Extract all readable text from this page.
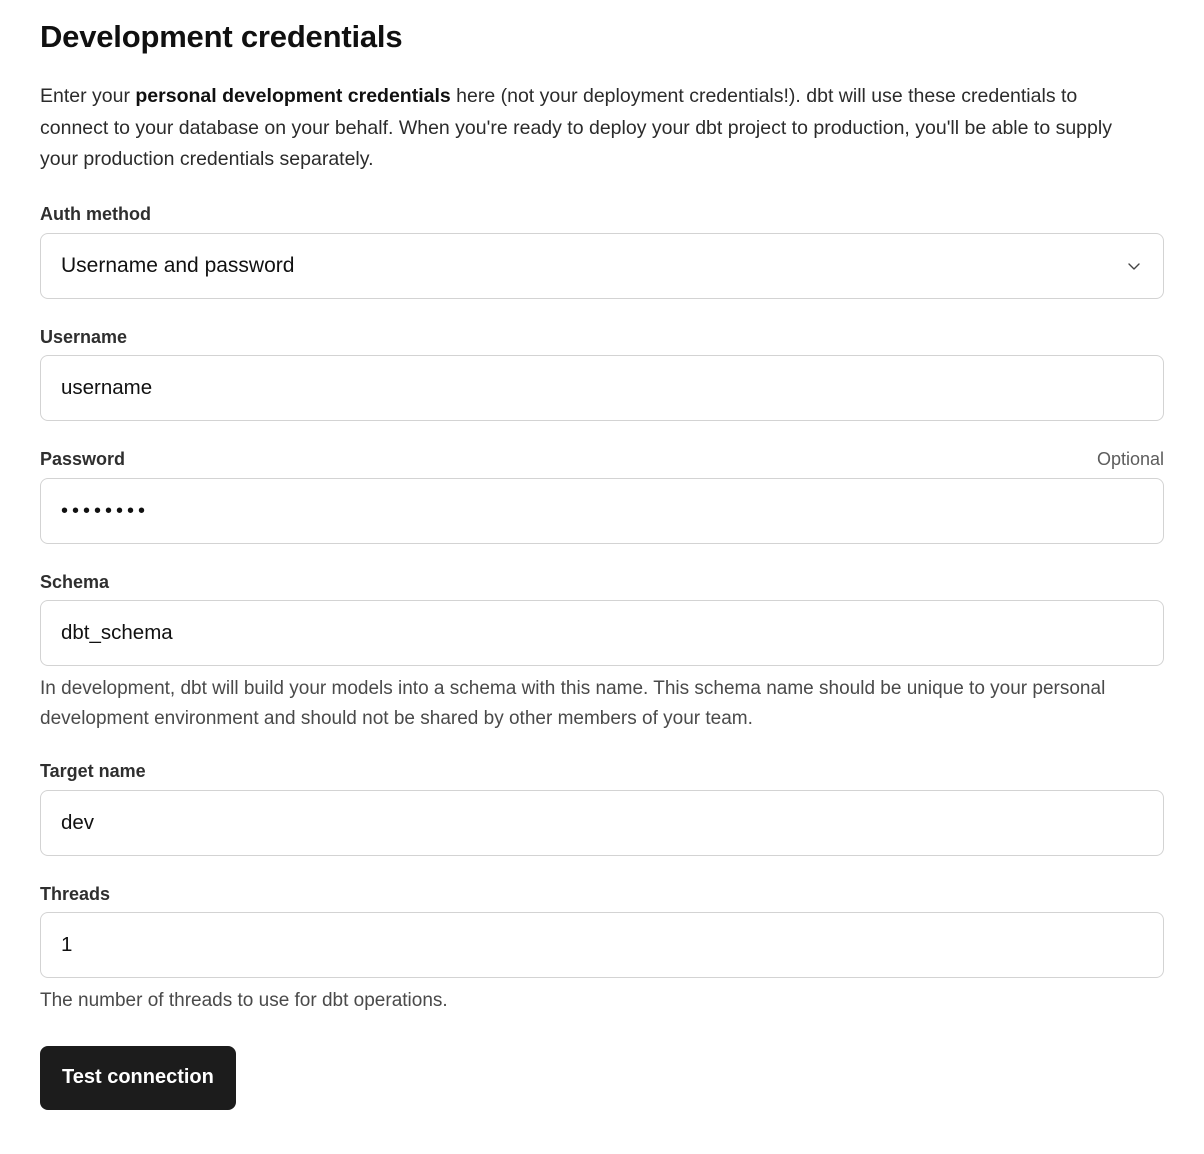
Development credentials

Enter your personal development credentials here (not your deployment credentials!). dbt will use these credentials to connect to your database on your behalf. When you're ready to deploy your dbt project to production, you'll be able to supply your production credentials separately.

Auth method
Username and password
Username
username
Password	Optional
••••••••
Schema
dbt_schema
In development, dbt will build your models into a schema with this name. This schema name should be unique to your personal development environment and should not be shared by other members of your team.
Target name
dev
Threads
1
The number of threads to use for dbt operations.
Test connection
